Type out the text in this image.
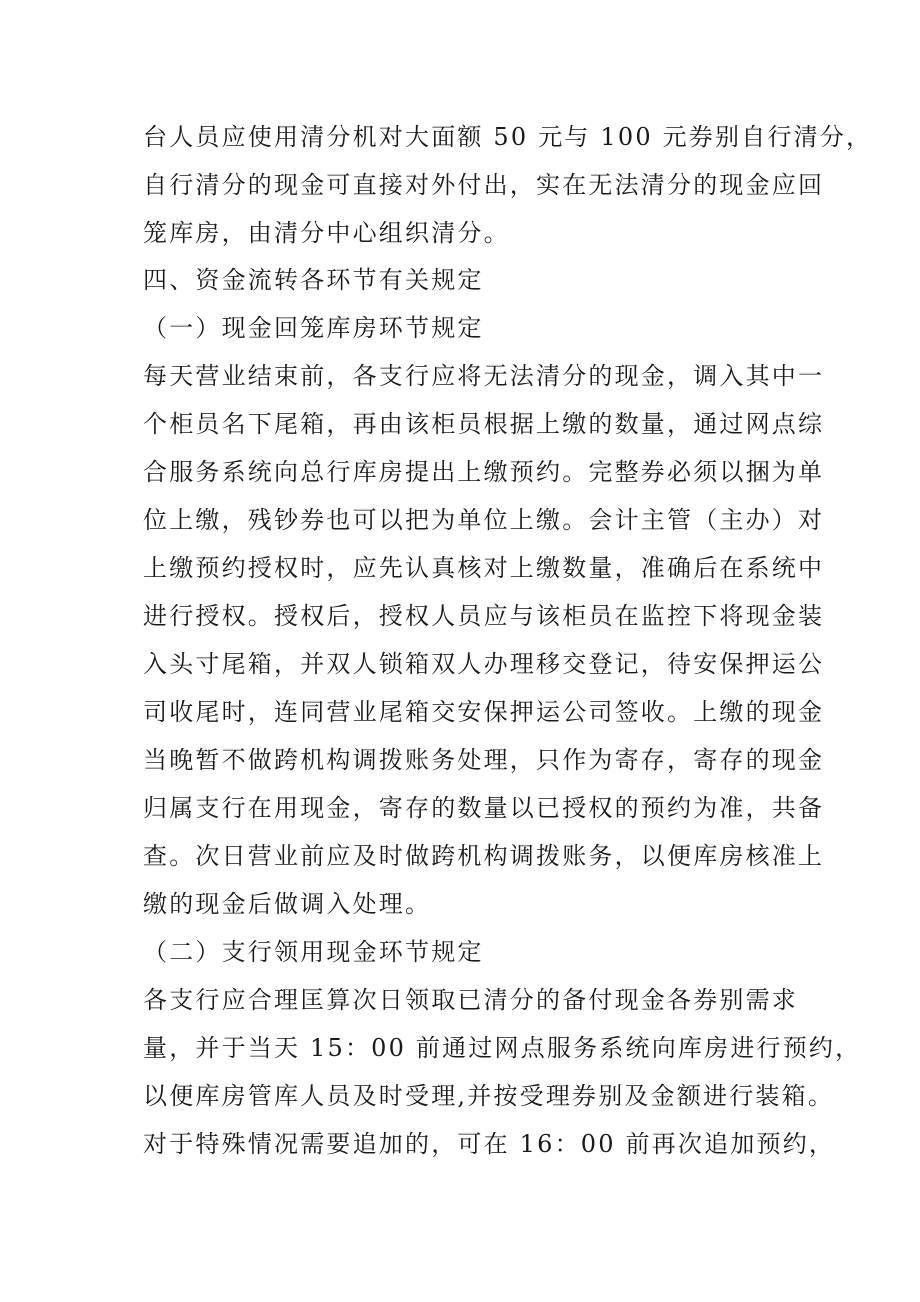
台人员应使用清分机对大面额 50 元与 100 元券别自行清分，
自行清分的现金可直接对外付出，实在无法清分的现金应回
笼库房，由清分中心组织清分。
四、资金流转各环节有关规定
（一）现金回笼库房环节规定
每天营业结束前，各支行应将无法清分的现金，调入其中一
个柜员名下尾箱，再由该柜员根据上缴的数量，通过网点综
合服务系统向总行库房提出上缴预约。完整券必须以捆为单
位上缴，残钞券也可以把为单位上缴。会计主管（主办）对
上缴预约授权时，应先认真核对上缴数量，准确后在系统中
进行授权。授权后，授权人员应与该柜员在监控下将现金装
入头寸尾箱，并双人锁箱双人办理移交登记，待安保押运公
司收尾时，连同营业尾箱交安保押运公司签收。上缴的现金
当晚暂不做跨机构调拨账务处理，只作为寄存，寄存的现金
归属支行在用现金，寄存的数量以已授权的预约为准，共备
查。次日营业前应及时做跨机构调拨账务，以便库房核准上
缴的现金后做调入处理。
（二）支行领用现金环节规定
各支行应合理匡算次日领取已清分的备付现金各券别需求
量，并于当天 15：00 前通过网点服务系统向库房进行预约，
以便库房管库人员及时受理,并按受理券别及金额进行装箱。
对于特殊情况需要追加的，可在 16：00 前再次追加预约，
